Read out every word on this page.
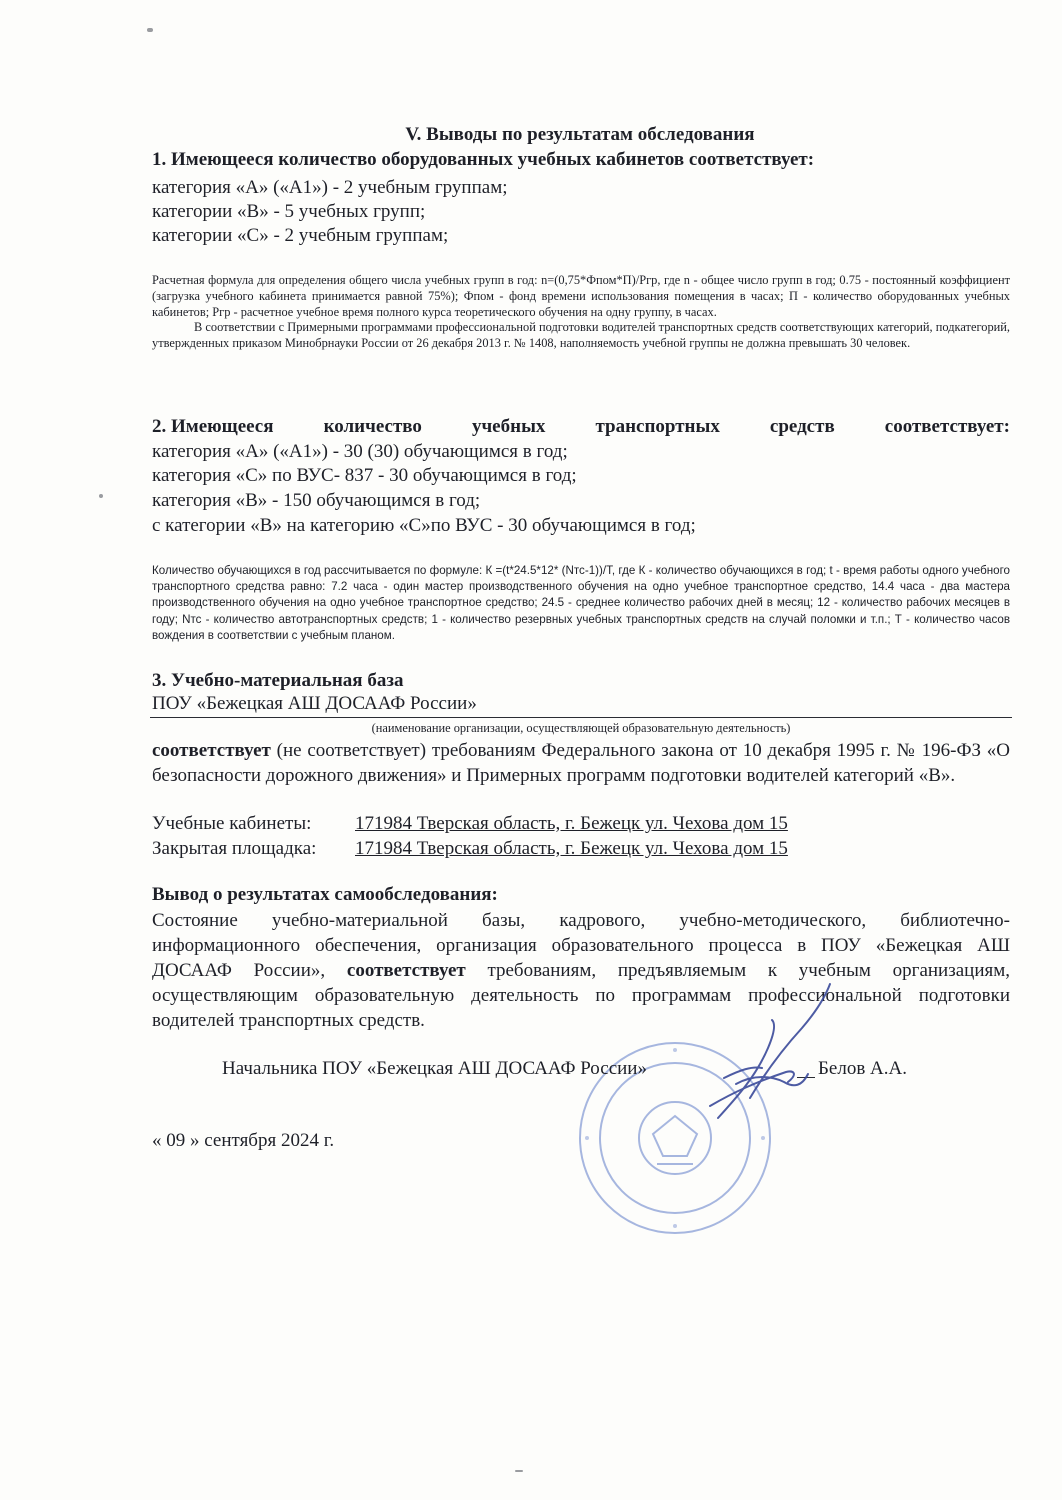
V. Выводы по результатам обследования
1. Имеющееся количество оборудованных учебных кабинетов соответствует:
категория «А» («А1») - 2 учебным группам;
категории «В» - 5 учебных групп;
категории «С» - 2 учебным группам;

Расчетная формула для определения общего числа учебных групп в год: n=(0,75*Фпом*П)/Ргр, где n - общее число групп в год; 0.75 - постоянный коэффициент (загрузка учебного кабинета принимается равной 75%); Фпом - фонд времени использования помещения в часах; П - количество оборудованных учебных кабинетов; Ргр - расчетное учебное время полного курса теоретического обучения на одну группу, в часах.

В соответствии с Примерными программами профессиональной подготовки водителей транспортных средств соответствующих категорий, подкатегорий, утвержденных приказом Минобрнауки России от 26 декабря 2013 г. № 1408, наполняемость учебной группы не должна превышать 30 человек.

2. Имеющееся	количество	учебных	транспортных	средств	соответствует:
категория «А» («А1») - 30 (30) обучающимся в год;
категория «С» по ВУС- 837 - 30 обучающимся в год;
категория «В» - 150 обучающимся в год;
с категории «В» на категорию «С»по ВУС - 30 обучающимся в год;
Количество обучающихся в год рассчитывается по формуле: К =(t*24.5*12* (Nтс-1))/Т, где К - количество обучающихся в год; t - время работы одного учебного транспортного средства равно: 7.2 часа - один мастер производственного обучения на одно учебное транспортное средство, 14.4 часа - два мастера производственного обучения на одно учебное транспортное средство; 24.5 - среднее количество рабочих дней в месяц; 12 - количество рабочих месяцев в году; Nтс - количество автотранспортных средств; 1 - количество резервных учебных транспортных средств на случай поломки и т.п.; Т - количество часов вождения в соответствии с учебным планом.
3. Учебно-материальная база
ПОУ «Бежецкая АШ ДОСААФ России»
(наименование организации, осуществляющей образовательную деятельность)
соответствует (не соответствует) требованиям Федерального закона от 10 декабря 1995 г. № 196-ФЗ «О безопасности дорожного движения» и Примерных программ подготовки водителей категорий «В».
Учебные кабинеты: 171984 Тверская область, г. Бежецк ул. Чехова дом 15
Закрытая площадка: 171984 Тверская область, г. Бежецк ул. Чехова дом 15
Вывод о результатах самообследования:
Состояние учебно-материальной базы, кадрового, учебно-методического, библиотечно-информационного обеспечения, организация образовательного процесса в ПОУ «Бежецкая АШ ДОСААФ России», соответствует требованиям, предъявляемым к учебным организациям, осуществляющим образовательную деятельность по программам профессиональной подготовки водителей транспортных средств.
Начальника ПОУ «Бежецкая АШ ДОСААФ России»	Белов А.А.
« 09 » сентября 2024 г.
